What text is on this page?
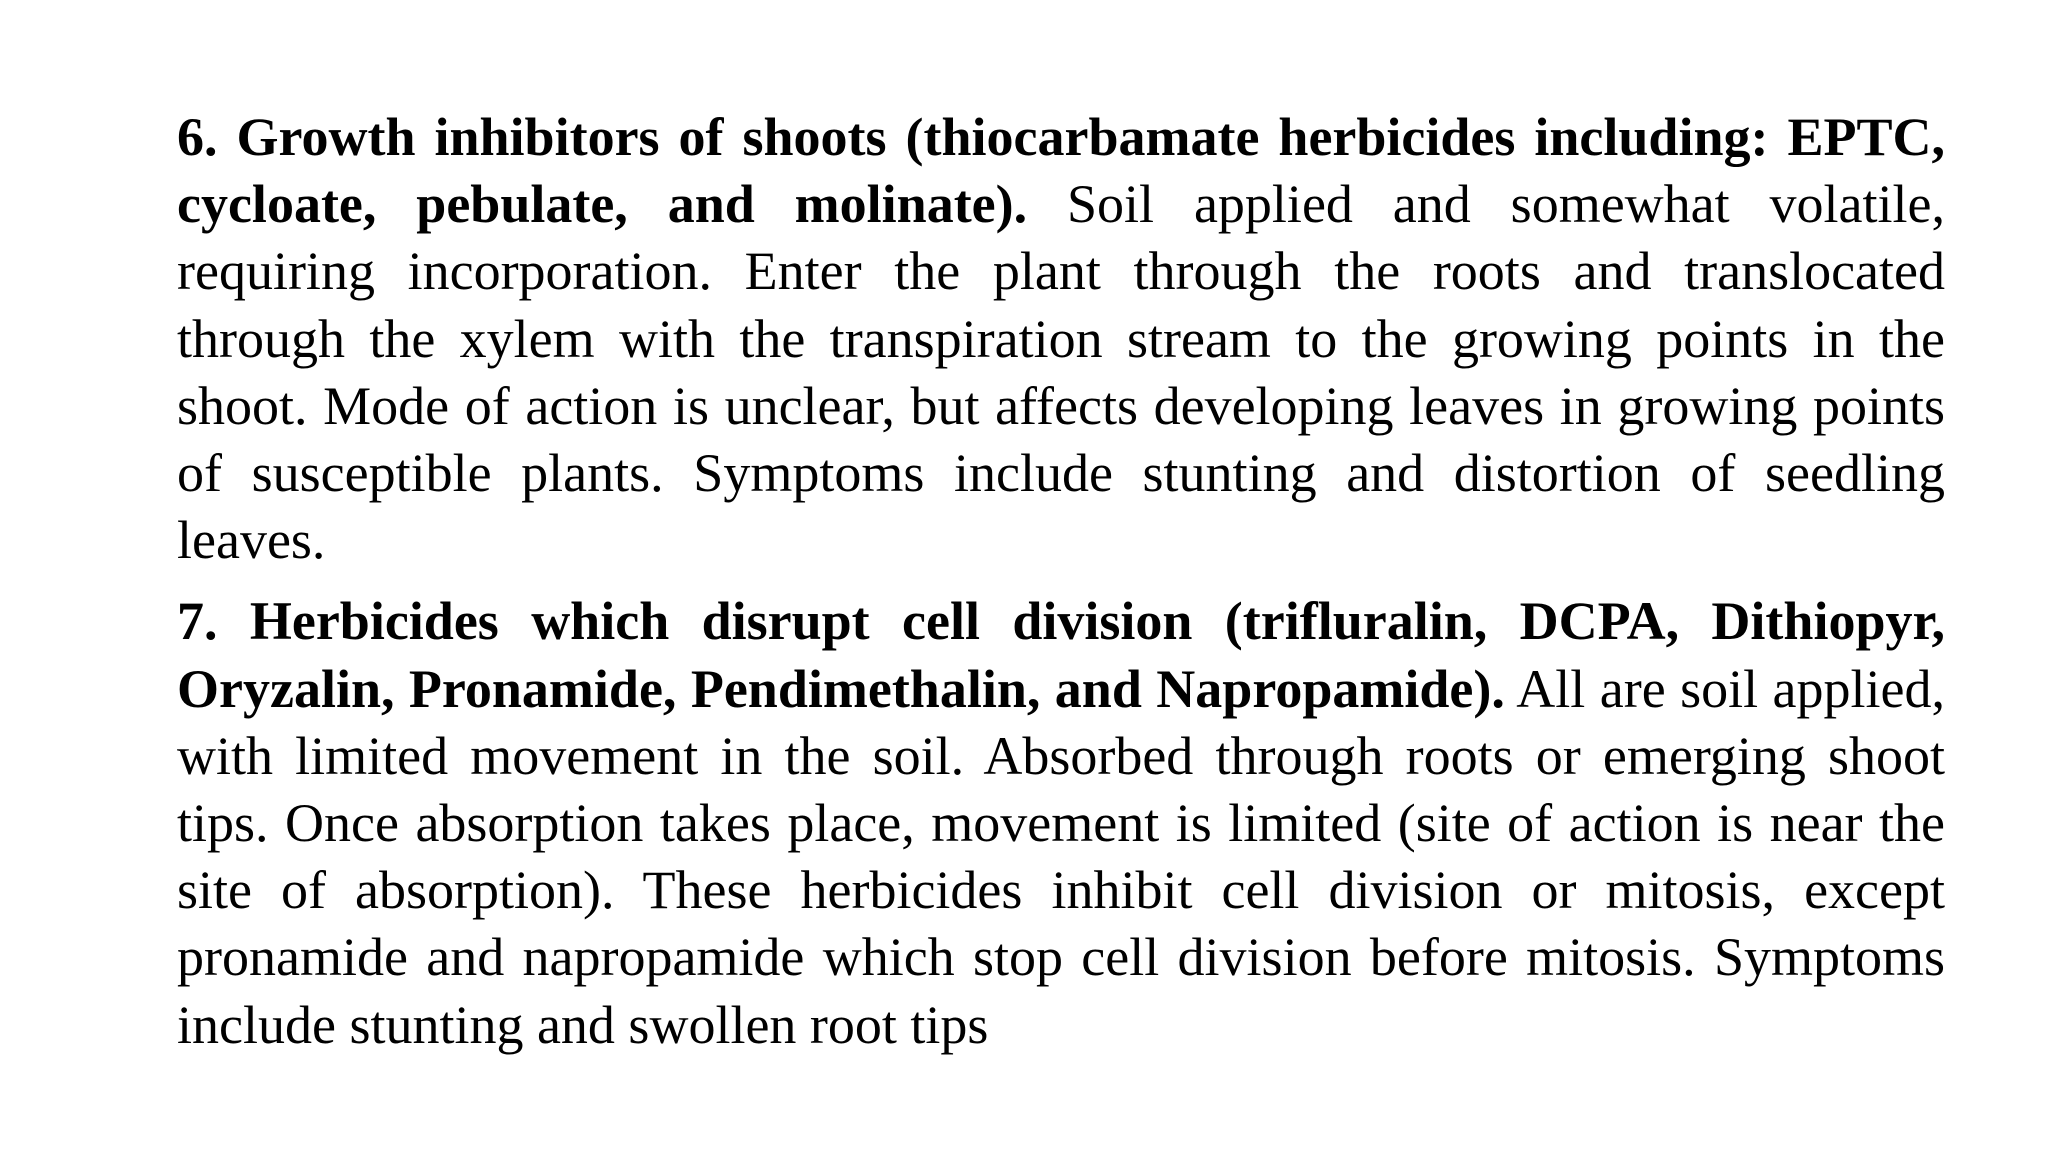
6. Growth inhibitors of shoots (thiocarbamate herbicides including: EPTC, cycloate, pebulate, and molinate). Soil applied and somewhat volatile, requiring incorporation. Enter the plant through the roots and translocated through the xylem with the transpiration stream to the growing points in the shoot. Mode of action is unclear, but affects developing leaves in growing points of susceptible plants. Symptoms include stunting and distortion of seedling leaves.

7. Herbicides which disrupt cell division (trifluralin, DCPA, Dithiopyr, Oryzalin, Pronamide, Pendimethalin, and Napropamide). All are soil applied, with limited movement in the soil. Absorbed through roots or emerging shoot tips. Once absorption takes place, movement is limited (site of action is near the site of absorption). These herbicides inhibit cell division or mitosis, except pronamide and napropamide which stop cell division before mitosis. Symptoms include stunting and swollen root tips
